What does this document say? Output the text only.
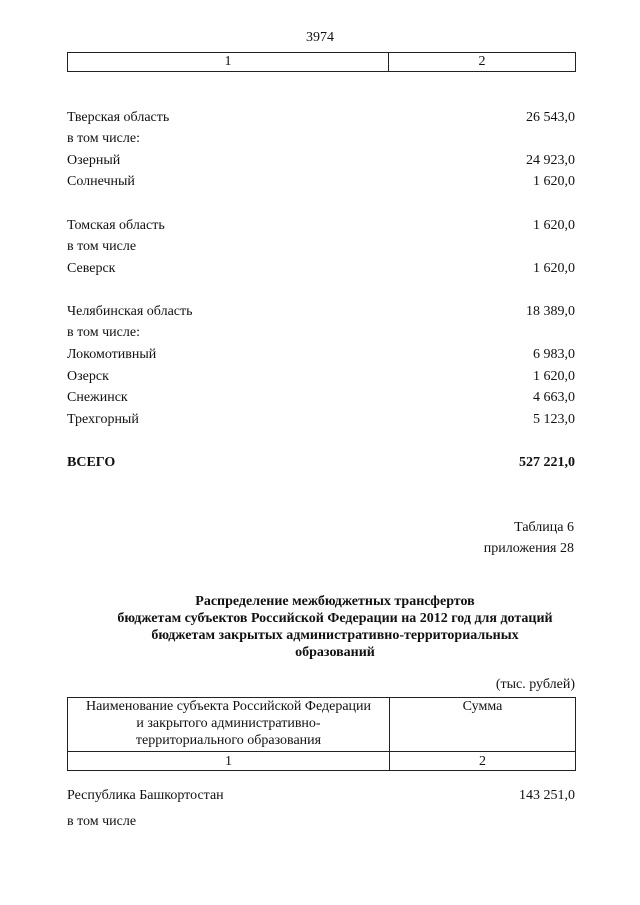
3974
1	2
Тверская область	26 543,0
в том числе:
Озерный	24 923,0
Солнечный	1 620,0
Томская область	1 620,0
в том числе
Северск	1 620,0
Челябинская область	18 389,0
в том числе:
Локомотивный	6 983,0
Озерск	1 620,0
Снежинск	4 663,0
Трехгорный	5 123,0
ВСЕГО	527 221,0
Таблица 6
приложения 28
Распределение межбюджетных трансфертов
бюджетам субъектов Российской Федерации на 2012 год для дотаций
бюджетам закрытых административно-территориальных
образований
(тыс. рублей)
Наименование субъекта Российской Федерации
и закрытого административно-
территориального образования	Сумма
1	2
Республика Башкортостан	143 251,0
в том числе
